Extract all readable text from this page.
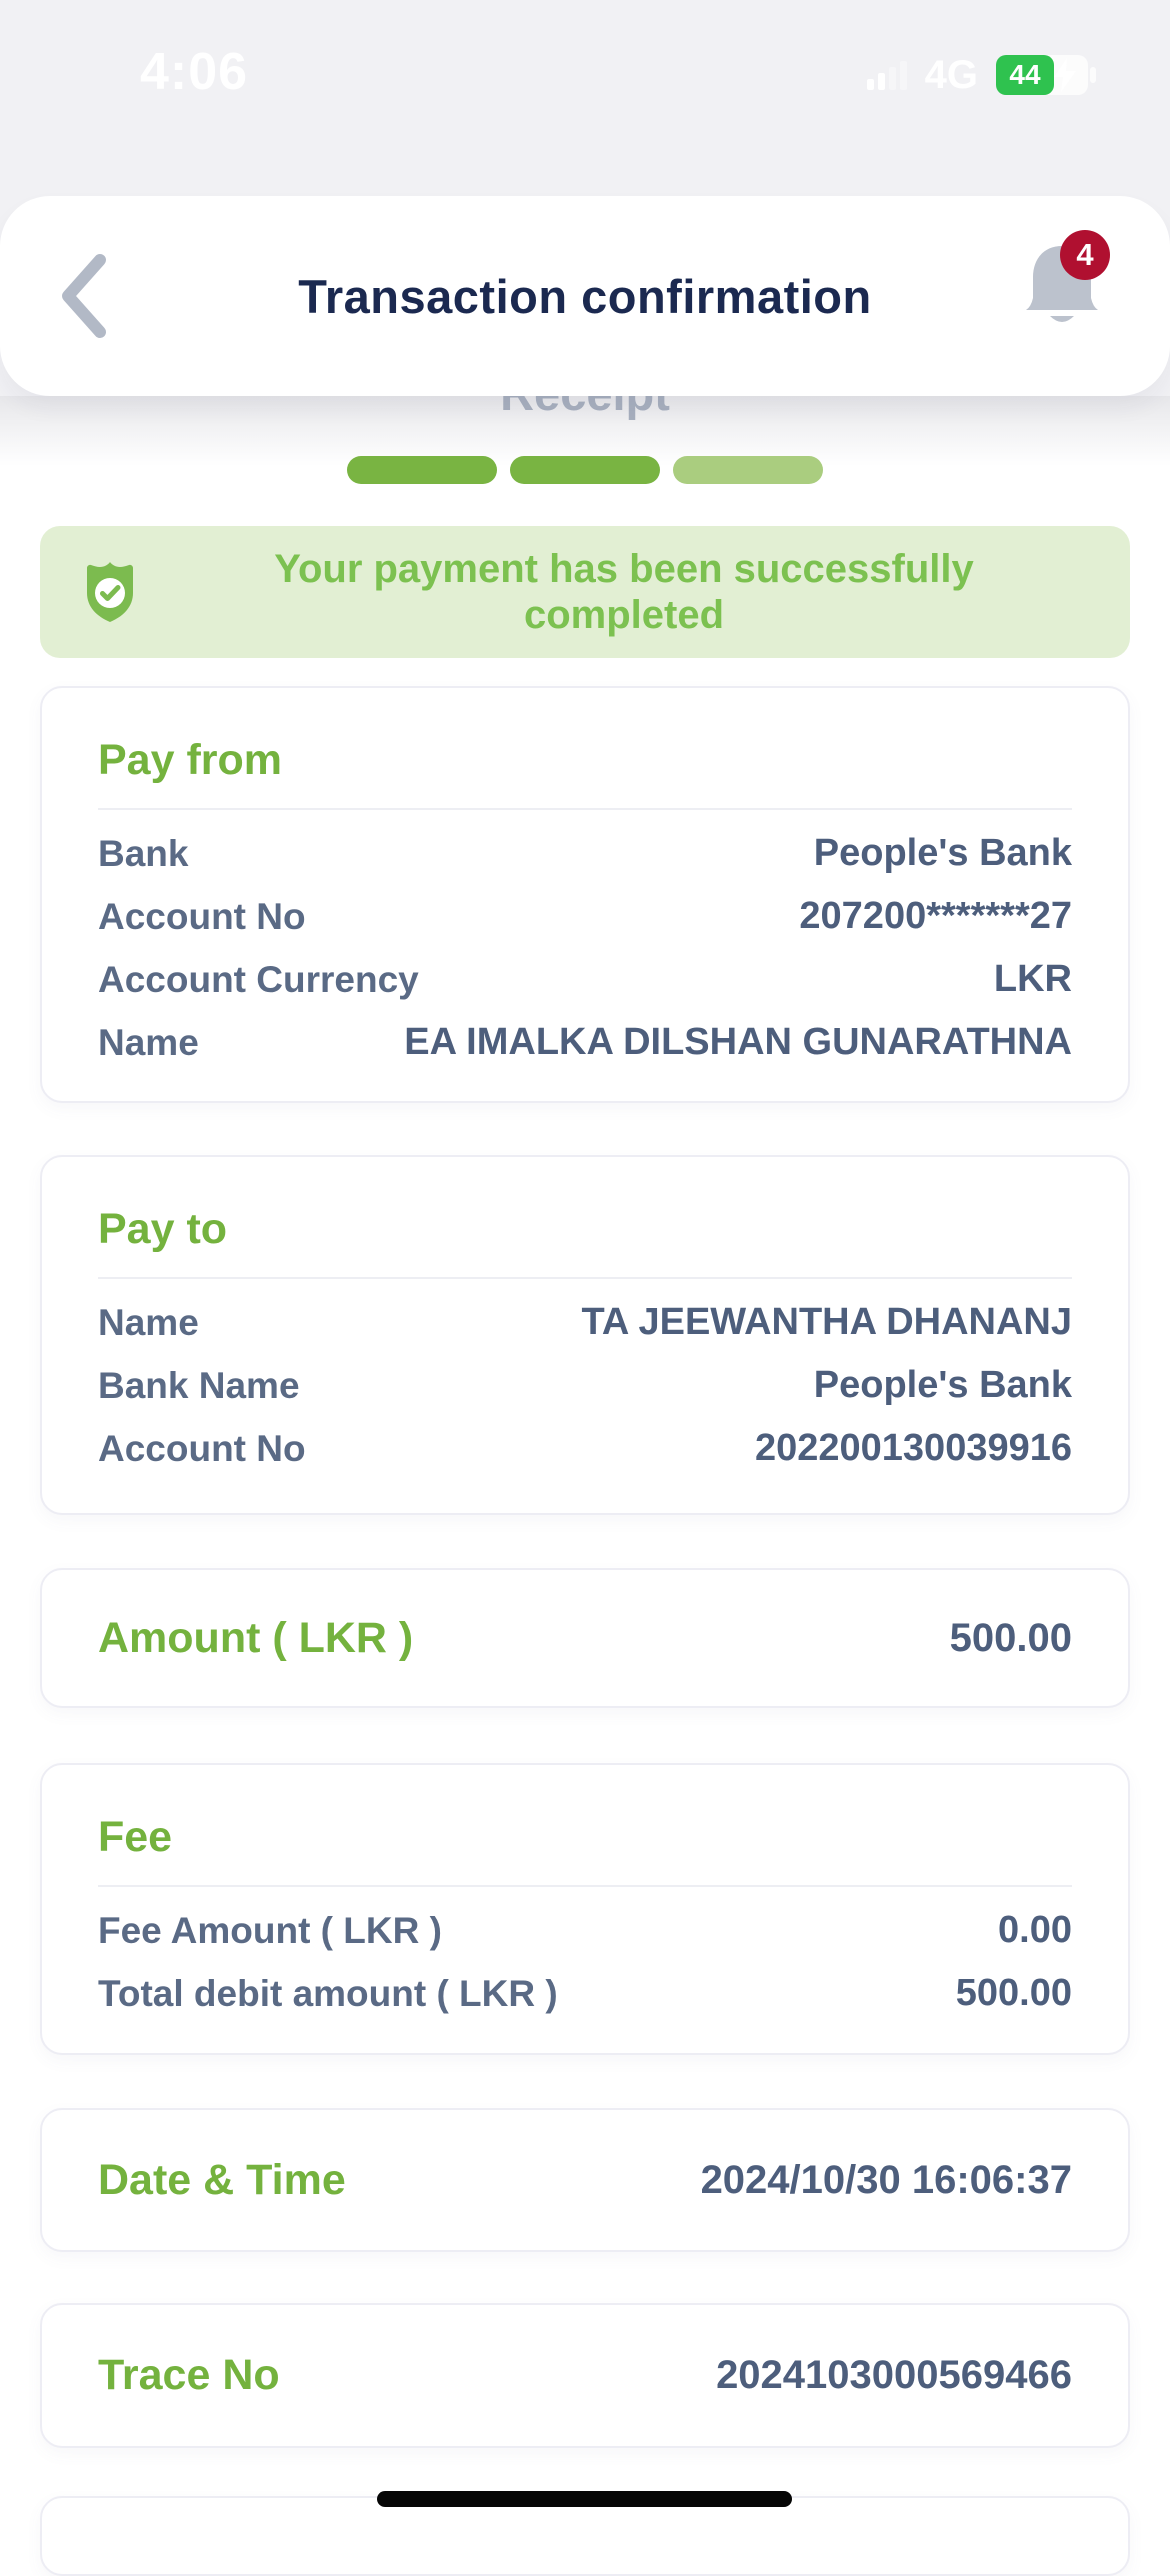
4:06	4G	44
Transaction confirmation
4
Your payment has been successfully completed
Pay from
Bank	People's Bank
Account No	207200*******27
Account Currency	LKR
Name	EA IMALKA DILSHAN GUNARATHNA
Pay to
Name	TA JEEWANTHA DHANANJ
Bank Name	People's Bank
Account No	202200130039916
Amount ( LKR )	500.00
Fee
Fee Amount ( LKR )	0.00
Total debit amount ( LKR )	500.00
Date & Time	2024/10/30 16:06:37
Trace No	2024103000569466
